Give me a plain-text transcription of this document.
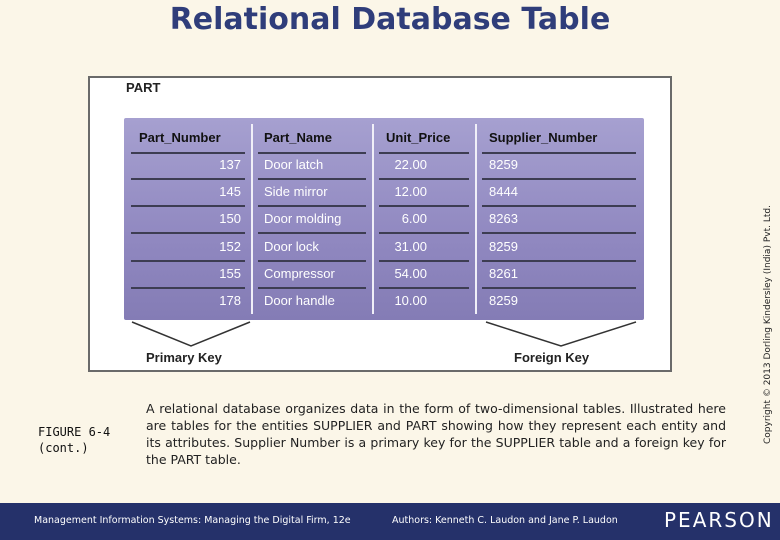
Relational Database Table
PART
Part_Number	Part_Name	Unit_Price	Supplier_Number
137 Door latch	22.00	8259
145 Side mirror	12.00	8444
150 Door molding	6.00	8263
152 Door lock	31.00	8259
155 Compressor	54.00	8261
178 Door handle	10.00	8259
Primary Key	Foreign Key
FIGURE 6-4
(cont.)
A relational database organizes data in the form of two-dimensional tables. Illustrated here are tables for the entities SUPPLIER and PART showing how they represent each entity and its attributes. Supplier Number is a primary key for the SUPPLIER table and a foreign key for the PART table.
Copyright © 2013 Dorling Kindersley (India) Pvt. Ltd.
Management Information Systems: Managing the Digital Firm, 12e	Authors: Kenneth C. Laudon and Jane P. Laudon PEARSON
